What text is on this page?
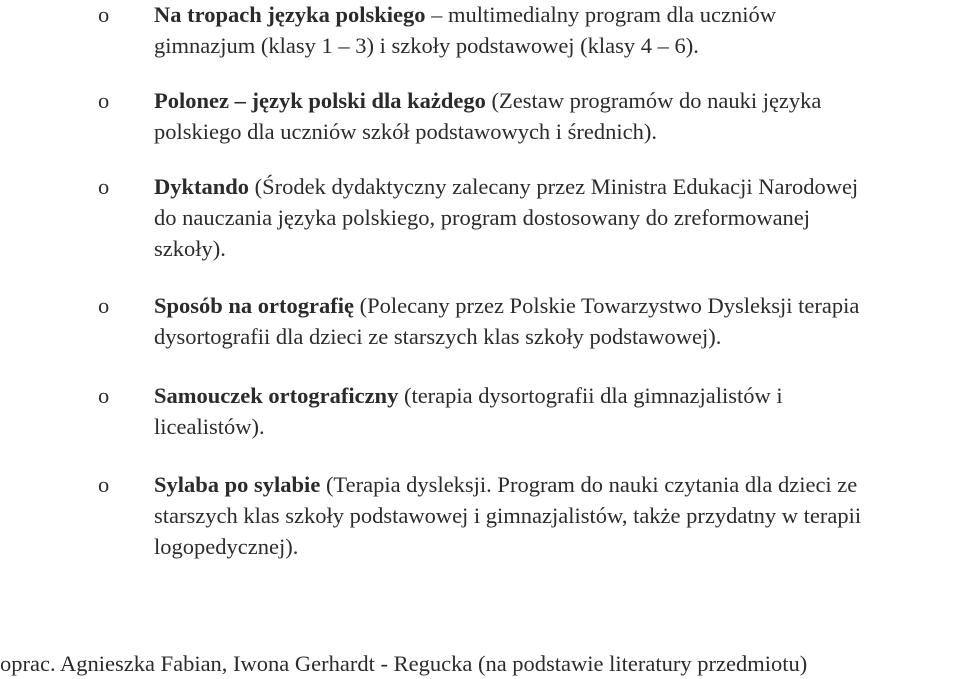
o	Na tropach języka polskiego – multimedialny program dla uczniów
gimnazjum (klasy 1 – 3) i szkoły podstawowej (klasy 4 – 6).
o	Polonez – język polski dla każdego (Zestaw programów do nauki języka
polskiego dla uczniów szkół podstawowych i średnich).
o	Dyktando (Środek dydaktyczny zalecany przez Ministra Edukacji Narodowej
do nauczania języka polskiego, program dostosowany do zreformowanej
szkoły).
o	Sposób na ortografię (Polecany przez Polskie Towarzystwo Dysleksji terapia
dysortografii dla dzieci ze starszych klas szkoły podstawowej).
o	Samouczek ortograficzny (terapia dysortografii dla gimnazjalistów i
licealistów).
o	Sylaba po sylabie (Terapia dysleksji. Program do nauki czytania dla dzieci ze
starszych klas szkoły podstawowej i gimnazjalistów, także przydatny w terapii
logopedycznej).
oprac. Agnieszka Fabian, Iwona Gerhardt - Regucka (na podstawie literatury przedmiotu)
